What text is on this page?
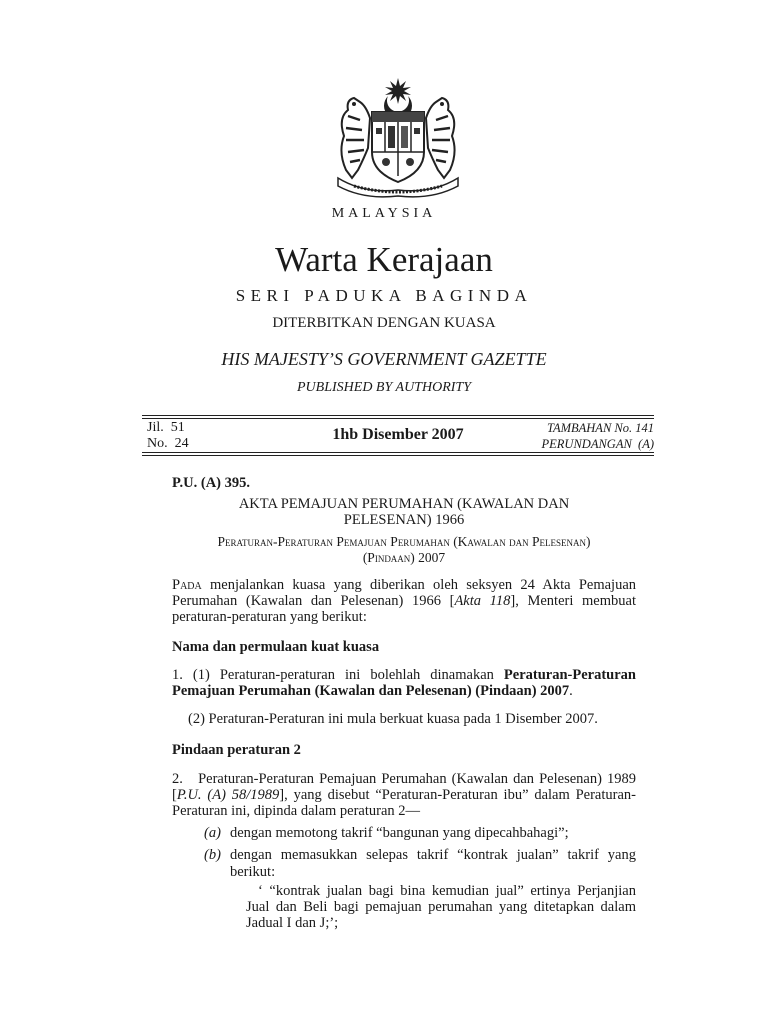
MALAYSIA
Warta Kerajaan
SERI PADUKA BAGINDA
DITERBITKAN DENGAN KUASA
HIS MAJESTY’S GOVERNMENT GAZETTE
PUBLISHED BY AUTHORITY
Jil.  51
No.  24
1hb Disember 2007	TAMBAHAN No. 141
PERUNDANGAN  (A)
P.U. (A) 395.
AKTA PEMAJUAN PERUMAHAN (KAWALAN DAN
PELESENAN) 1966
Peraturan-Peraturan Pemajuan Perumahan (Kawalan dan Pelesenan)
(Pindaan) 2007
Pada menjalankan kuasa yang diberikan oleh seksyen 24 Akta Pemajuan
Perumahan (Kawalan dan Pelesenan) 1966 [Akta 118], Menteri membuat
peraturan-peraturan yang berikut:
Nama dan permulaan kuat kuasa
1. (1) Peraturan-peraturan ini bolehlah dinamakan Peraturan-Peraturan
Pemajuan Perumahan (Kawalan dan Pelesenan) (Pindaan) 2007.
(2) Peraturan-Peraturan ini mula berkuat kuasa pada 1 Disember 2007.
Pindaan peraturan 2
2.   Peraturan-Peraturan Pemajuan Perumahan (Kawalan dan Pelesenan) 1989
[P.U. (A) 58/1989], yang disebut “Peraturan-Peraturan ibu” dalam Peraturan-
Peraturan ini, dipinda dalam peraturan 2—
(a) dengan memotong takrif “bangunan yang dipecahbahagi”;
(b) dengan memasukkan selepas takrif “kontrak jualan” takrif yang
berikut:
‘ “kontrak jualan bagi bina kemudian jual” ertinya Perjanjian
Jual dan Beli bagi pemajuan perumahan yang ditetapkan dalam
Jadual I dan J;’;
